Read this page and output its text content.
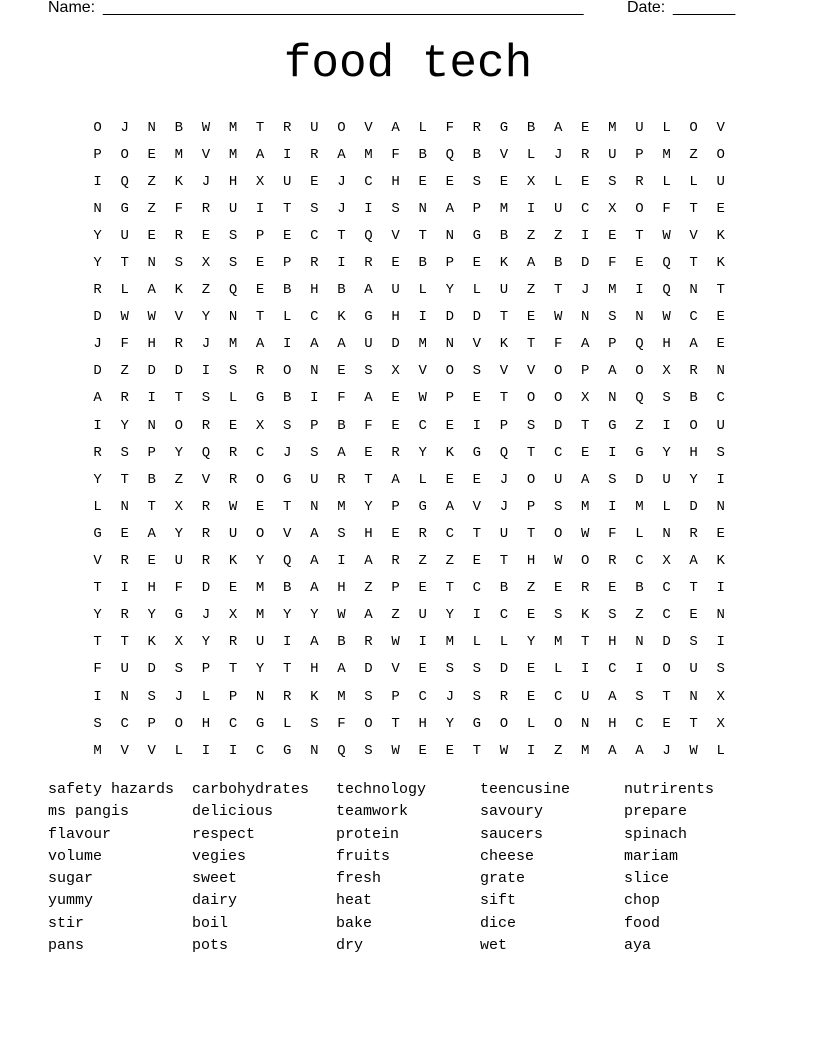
Name: ______________________________________________________	Date: _______
food tech
O	J	N	B	W	M	T	R	U	O	V	A	L	F	R	G	B	A	E	M	U	L	O	V
P	O	E	M	V	M	A	I	R	A	M	F	B	Q	B	V	L	J	R	U	P	M	Z	O
I	Q	Z	K	J	H	X	U	E	J	C	H	E	E	S	E	X	L	E	S	R	L	L	U
N	G	Z	F	R	U	I	T	S	J	I	S	N	A	P	M	I	U	C	X	O	F	T	E
Y	U	E	R	E	S	P	E	C	T	Q	V	T	N	G	B	Z	Z	I	E	T	W	V	K
Y	T	N	S	X	S	E	P	R	I	R	E	B	P	E	K	A	B	D	F	E	Q	T	K
R	L	A	K	Z	Q	E	B	H	B	A	U	L	Y	L	U	Z	T	J	M	I	Q	N	T
D	W	W	V	Y	N	T	L	C	K	G	H	I	D	D	T	E	W	N	S	N	W	C	E
J	F	H	R	J	M	A	I	A	A	U	D	M	N	V	K	T	F	A	P	Q	H	A	E
D	Z	D	D	I	S	R	O	N	E	S	X	V	O	S	V	V	O	P	A	O	X	R	N
A	R	I	T	S	L	G	B	I	F	A	E	W	P	E	T	O	O	X	N	Q	S	B	C
I	Y	N	O	R	E	X	S	P	B	F	E	C	E	I	P	S	D	T	G	Z	I	O	U
R	S	P	Y	Q	R	C	J	S	A	E	R	Y	K	G	Q	T	C	E	I	G	Y	H	S
Y	T	B	Z	V	R	O	G	U	R	T	A	L	E	E	J	O	U	A	S	D	U	Y	I
L	N	T	X	R	W	E	T	N	M	Y	P	G	A	V	J	P	S	M	I	M	L	D	N
G	E	A	Y	R	U	O	V	A	S	H	E	R	C	T	U	T	O	W	F	L	N	R	E
V	R	E	U	R	K	Y	Q	A	I	A	R	Z	Z	E	T	H	W	O	R	C	X	A	K
T	I	H	F	D	E	M	B	A	H	Z	P	E	T	C	B	Z	E	R	E	B	C	T	I
Y	R	Y	G	J	X	M	Y	Y	W	A	Z	U	Y	I	C	E	S	K	S	Z	C	E	N
T	T	K	X	Y	R	U	I	A	B	R	W	I	M	L	L	Y	M	T	H	N	D	S	I
F	U	D	S	P	T	Y	T	H	A	D	V	E	S	S	D	E	L	I	C	I	O	U	S
I	N	S	J	L	P	N	R	K	M	S	P	C	J	S	R	E	C	U	A	S	T	N	X
S	C	P	O	H	C	G	L	S	F	O	T	H	Y	G	O	L	O	N	H	C	E	T	X
M	V	V	L	I	I	C	G	N	Q	S	W	E	E	T	W	I	Z	M	A	A	J	W	L
safety hazards	carbohydrates	technology	teencusine	nutrirents
ms pangis	delicious	teamwork	savoury	prepare
flavour	respect	protein	saucers	spinach
volume	vegies	fruits	cheese	mariam
sugar	sweet	fresh	grate	slice
yummy	dairy	heat	sift	chop
stir	boil	bake	dice	food
pans	pots	dry	wet	aya
